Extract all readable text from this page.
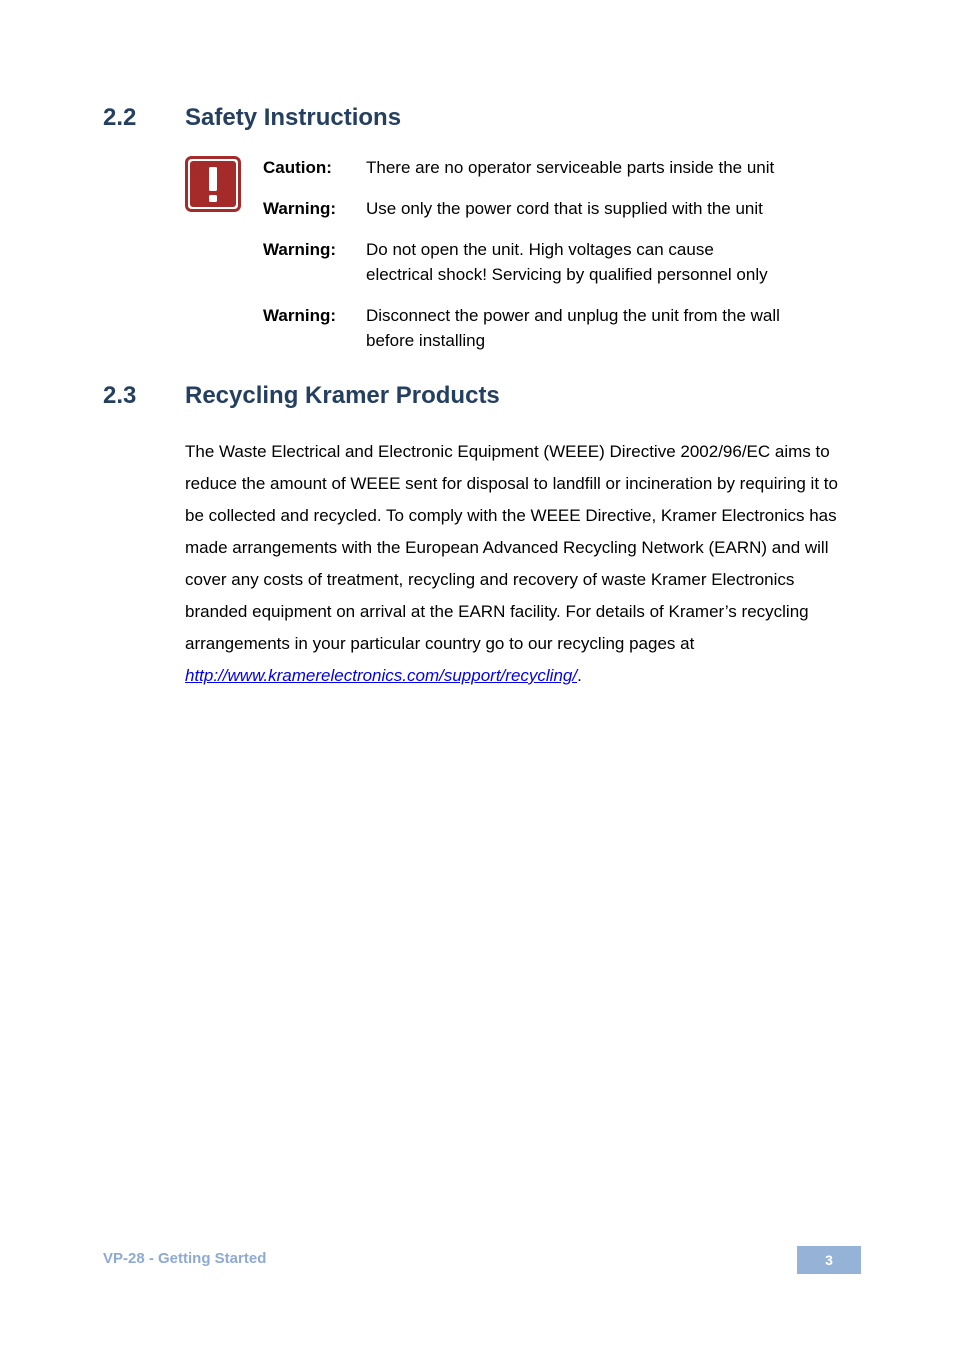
2.2 Safety Instructions
Caution: There are no operator serviceable parts inside the unit
Warning: Use only the power cord that is supplied with the unit
Warning: Do not open the unit. High voltages can cause
electrical shock! Servicing by qualified personnel only
Warning: Disconnect the power and unplug the unit from the wall
before installing
2.3 Recycling Kramer Products

The Waste Electrical and Electronic Equipment (WEEE) Directive 2002/96/EC aims to reduce the amount of WEEE sent for disposal to landfill or incineration by requiring it to be collected and recycled. To comply with the WEEE Directive, Kramer Electronics has made arrangements with the European Advanced Recycling Network (EARN) and will cover any costs of treatment, recycling and recovery of waste Kramer Electronics branded equipment on arrival at the EARN facility. For details of Kramer’s recycling arrangements in your particular country go to our recycling pages at http://www.kramerelectronics.com/support/recycling/.

VP-28 - Getting Started	3
